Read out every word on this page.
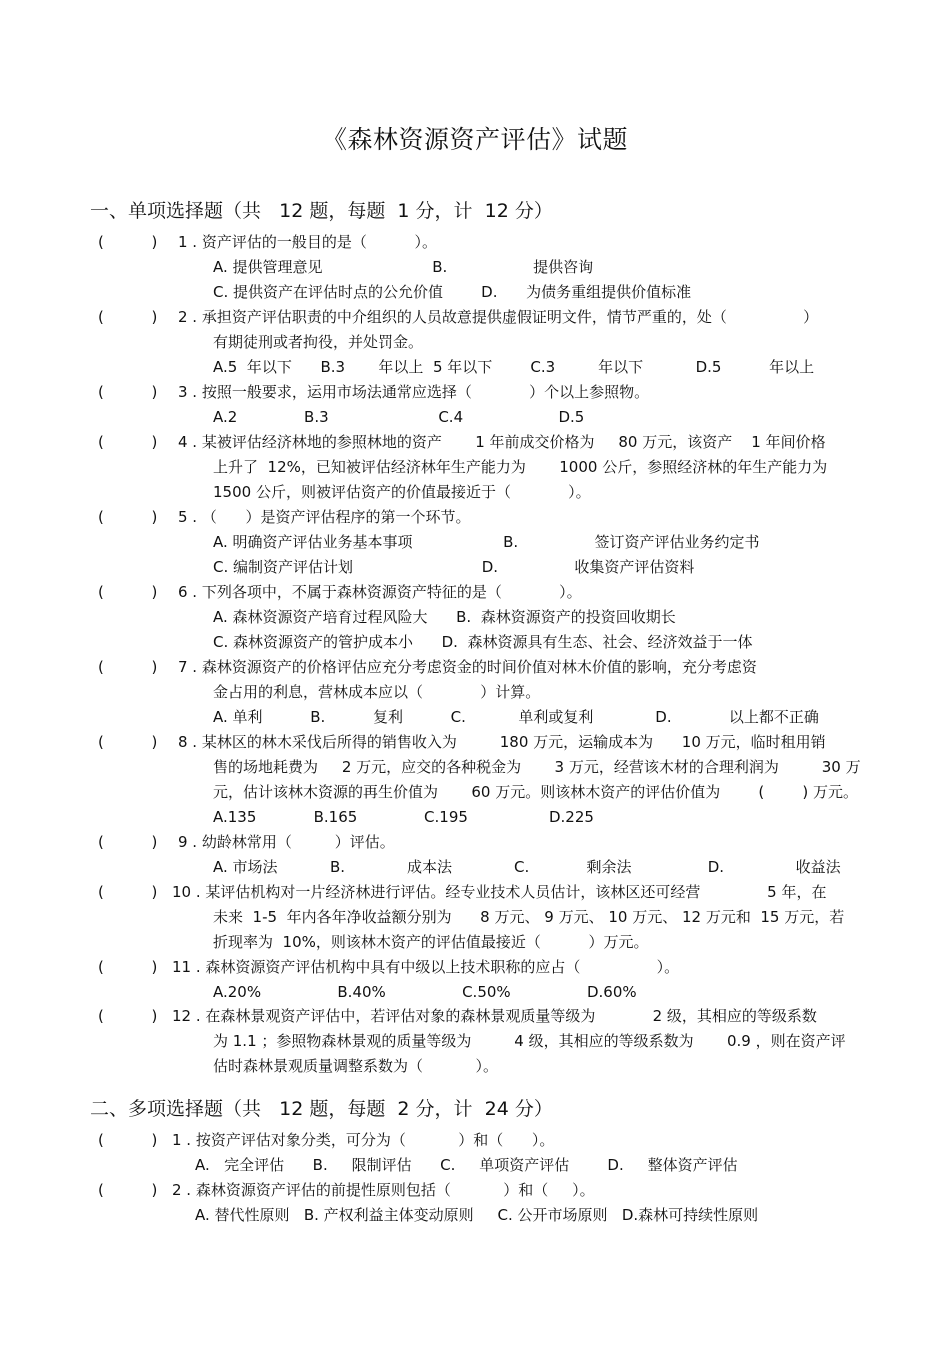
《森林资源资产评估》试题
一、单项选择题（共   12 题，每题  1 分，计  12 分）
(          ) 1 . 资产评估的一般目的是（          ）。
A. 提供管理意见                       B.                  提供咨询
C. 提供资产在评估时点的公允价值        D.      为债务重组提供价值标准
(          ) 2 . 承担资产评估职责的中介组织的人员故意提供虚假证明文件，情节严重的，处（                ）
有期徒刑或者拘役，并处罚金。
A.5  年以下      B.3       年以上  5 年以下        C.3         年以下           D.5          年以上
(          ) 3 . 按照一般要求，运用市场法通常应选择（            ）个以上参照物。
A.2              B.3                       C.4                    D.5
(          ) 4 . 某被评估经济林地的参照林地的资产       1 年前成交价格为     80 万元，该资产    1 年间价格
上升了  12%，已知被评估经济林年生产能力为       1000 公斤，参照经济林的年生产能力为
1500 公斤，则被评估资产的价值最接近于（            ）。
(          ) 5 . （      ）是资产评估程序的第一个环节。
A. 明确资产评估业务基本事项                   B.                签订资产评估业务约定书
C. 编制资产评估计划                           D.                收集资产评估资料
(          ) 6 . 下列各项中，不属于森林资源资产特征的是（            ）。
A. 森林资源资产培育过程风险大      B.  森林资源资产的投资回收期长
C. 森林资源资产的管护成本小      D.  森林资源具有生态、社会、经济效益于一体
(          ) 7 . 森林资源资产的价格评估应充分考虑资金的时间价值对林木价值的影响，充分考虑资
金占用的利息，营林成本应以（            ）计算。
A. 单利          B.          复利          C.           单利或复利             D.            以上都不正确
(          ) 8 . 某林区的林木采伐后所得的销售收入为         180 万元，运输成本为      10 万元，临时租用销
售的场地耗费为     2 万元，应交的各种税金为       3 万元，经营该木材的合理利润为         30 万
元，估计该林木资源的再生价值为       60 万元。则该林木资产的评估价值为        (        ) 万元。
A.135            B.165              C.195                 D.225
(          ) 9 . 幼龄林常用（         ）评估。
A. 市场法           B.             成本法             C.            剩余法                D.               收益法
(          ) 10 . 某评估机构对一片经济林进行评估。经专业技术人员估计，该林区还可经营              5 年，在
未来  1-5  年内各年净收益额分别为      8 万元、 9 万元、 10 万元、 12 万元和  15 万元，若
折现率为  10%，则该林木资产的评估值最接近（          ）万元。
(          ) 11 . 森林资源资产评估机构中具有中级以上技术职称的应占（                ）。
A.20%                B.40%                C.50%                D.60%
(          ) 12 . 在森林景观资产评估中，若评估对象的森林景观质量等级为            2 级，其相应的等级系数
为 1.1 ；参照物森林景观的质量等级为         4 级，其相应的等级系数为       0.9 ，则在资产评
估时森林景观质量调整系数为（           ）。
二、多项选择题（共   12 题，每题  2 分，计  24 分）
(          ) 1 . 按资产评估对象分类，可分为（           ）和（      ）。
A.   完全评估      B.     限制评估      C.     单项资产评估        D.     整体资产评估
(          ) 2 . 森林资源资产评估的前提性原则包括（           ）和（     ）。
A. 替代性原则   B. 产权利益主体变动原则     C. 公开市场原则   D.森林可持续性原则
